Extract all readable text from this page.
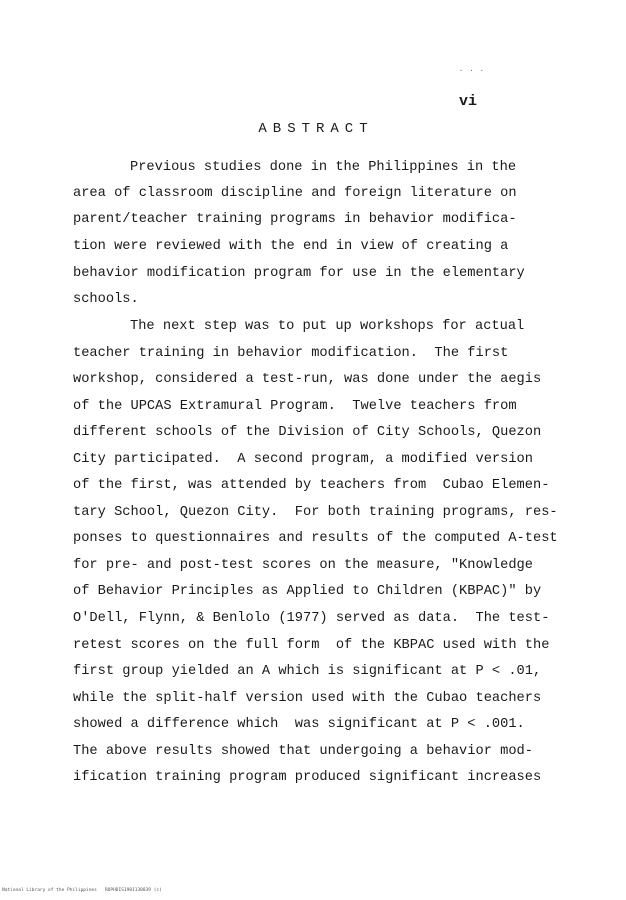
. . .
vi
ABSTRACT
Previous studies done in the Philippines in the
area of classroom discipline and foreign literature on
parent/teacher training programs in behavior modifica-
tion were reviewed with the end in view of creating a
behavior modification program for use in the elementary
schools.
The next step was to put up workshops for actual
teacher training in behavior modification.  The first
workshop, considered a test-run, was done under the aegis
of the UPCAS Extramural Program.  Twelve teachers from
different schools of the Division of City Schools, Quezon
City participated.  A second program, a modified version
of the first, was attended by teachers from  Cubao Elemen-
tary School, Quezon City.  For both training programs, res-
ponses to questionnaires and results of the computed A-test
for pre- and post-test scores on the measure, "Knowledge
of Behavior Principles as Applied to Children (KBPAC)" by
O'Dell, Flynn, & Benlolo (1977) served as data.  The test-
retest scores on the full form  of the KBPAC used with the
first group yielded an A which is significant at P < .01,
while the split-half version used with the Cubao teachers
showed a difference which  was significant at P < .001.
The above results showed that undergoing a behavior mod-
ification training program produced significant increases
National Library of the Philippines   ROPHDIS1901130839 (c)
